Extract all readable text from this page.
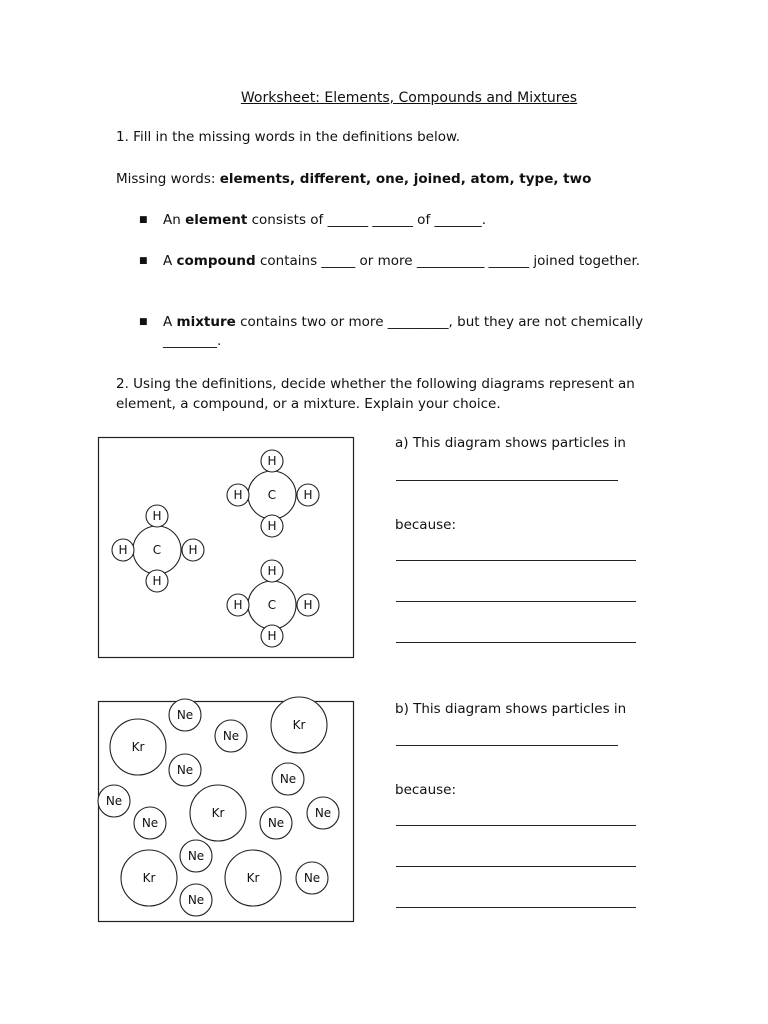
Worksheet: Elements, Compounds and Mixtures
1. Fill in the missing words in the definitions below.
Missing words: elements, different, one, joined, atom, type, two
■ An element consists of ______ ______ of _______.
■ A compound contains _____ or more __________ ______ joined together.
■ A mixture contains two or more _________, but they are not chemically ________.
2. Using the definitions, decide whether the following diagrams represent an element, a compound, or a mixture. Explain your choice.
C
H
H
H	H
C
H
H
H	H
C
H
H
H	H
a) This diagram shows particles in
because:
Ne
Kr
Ne
Kr
Ne
Ne
Ne
Ne
Kr
Ne
Ne
Ne
Kr	Kr	Ne
Ne
b) This diagram shows particles in
because:
